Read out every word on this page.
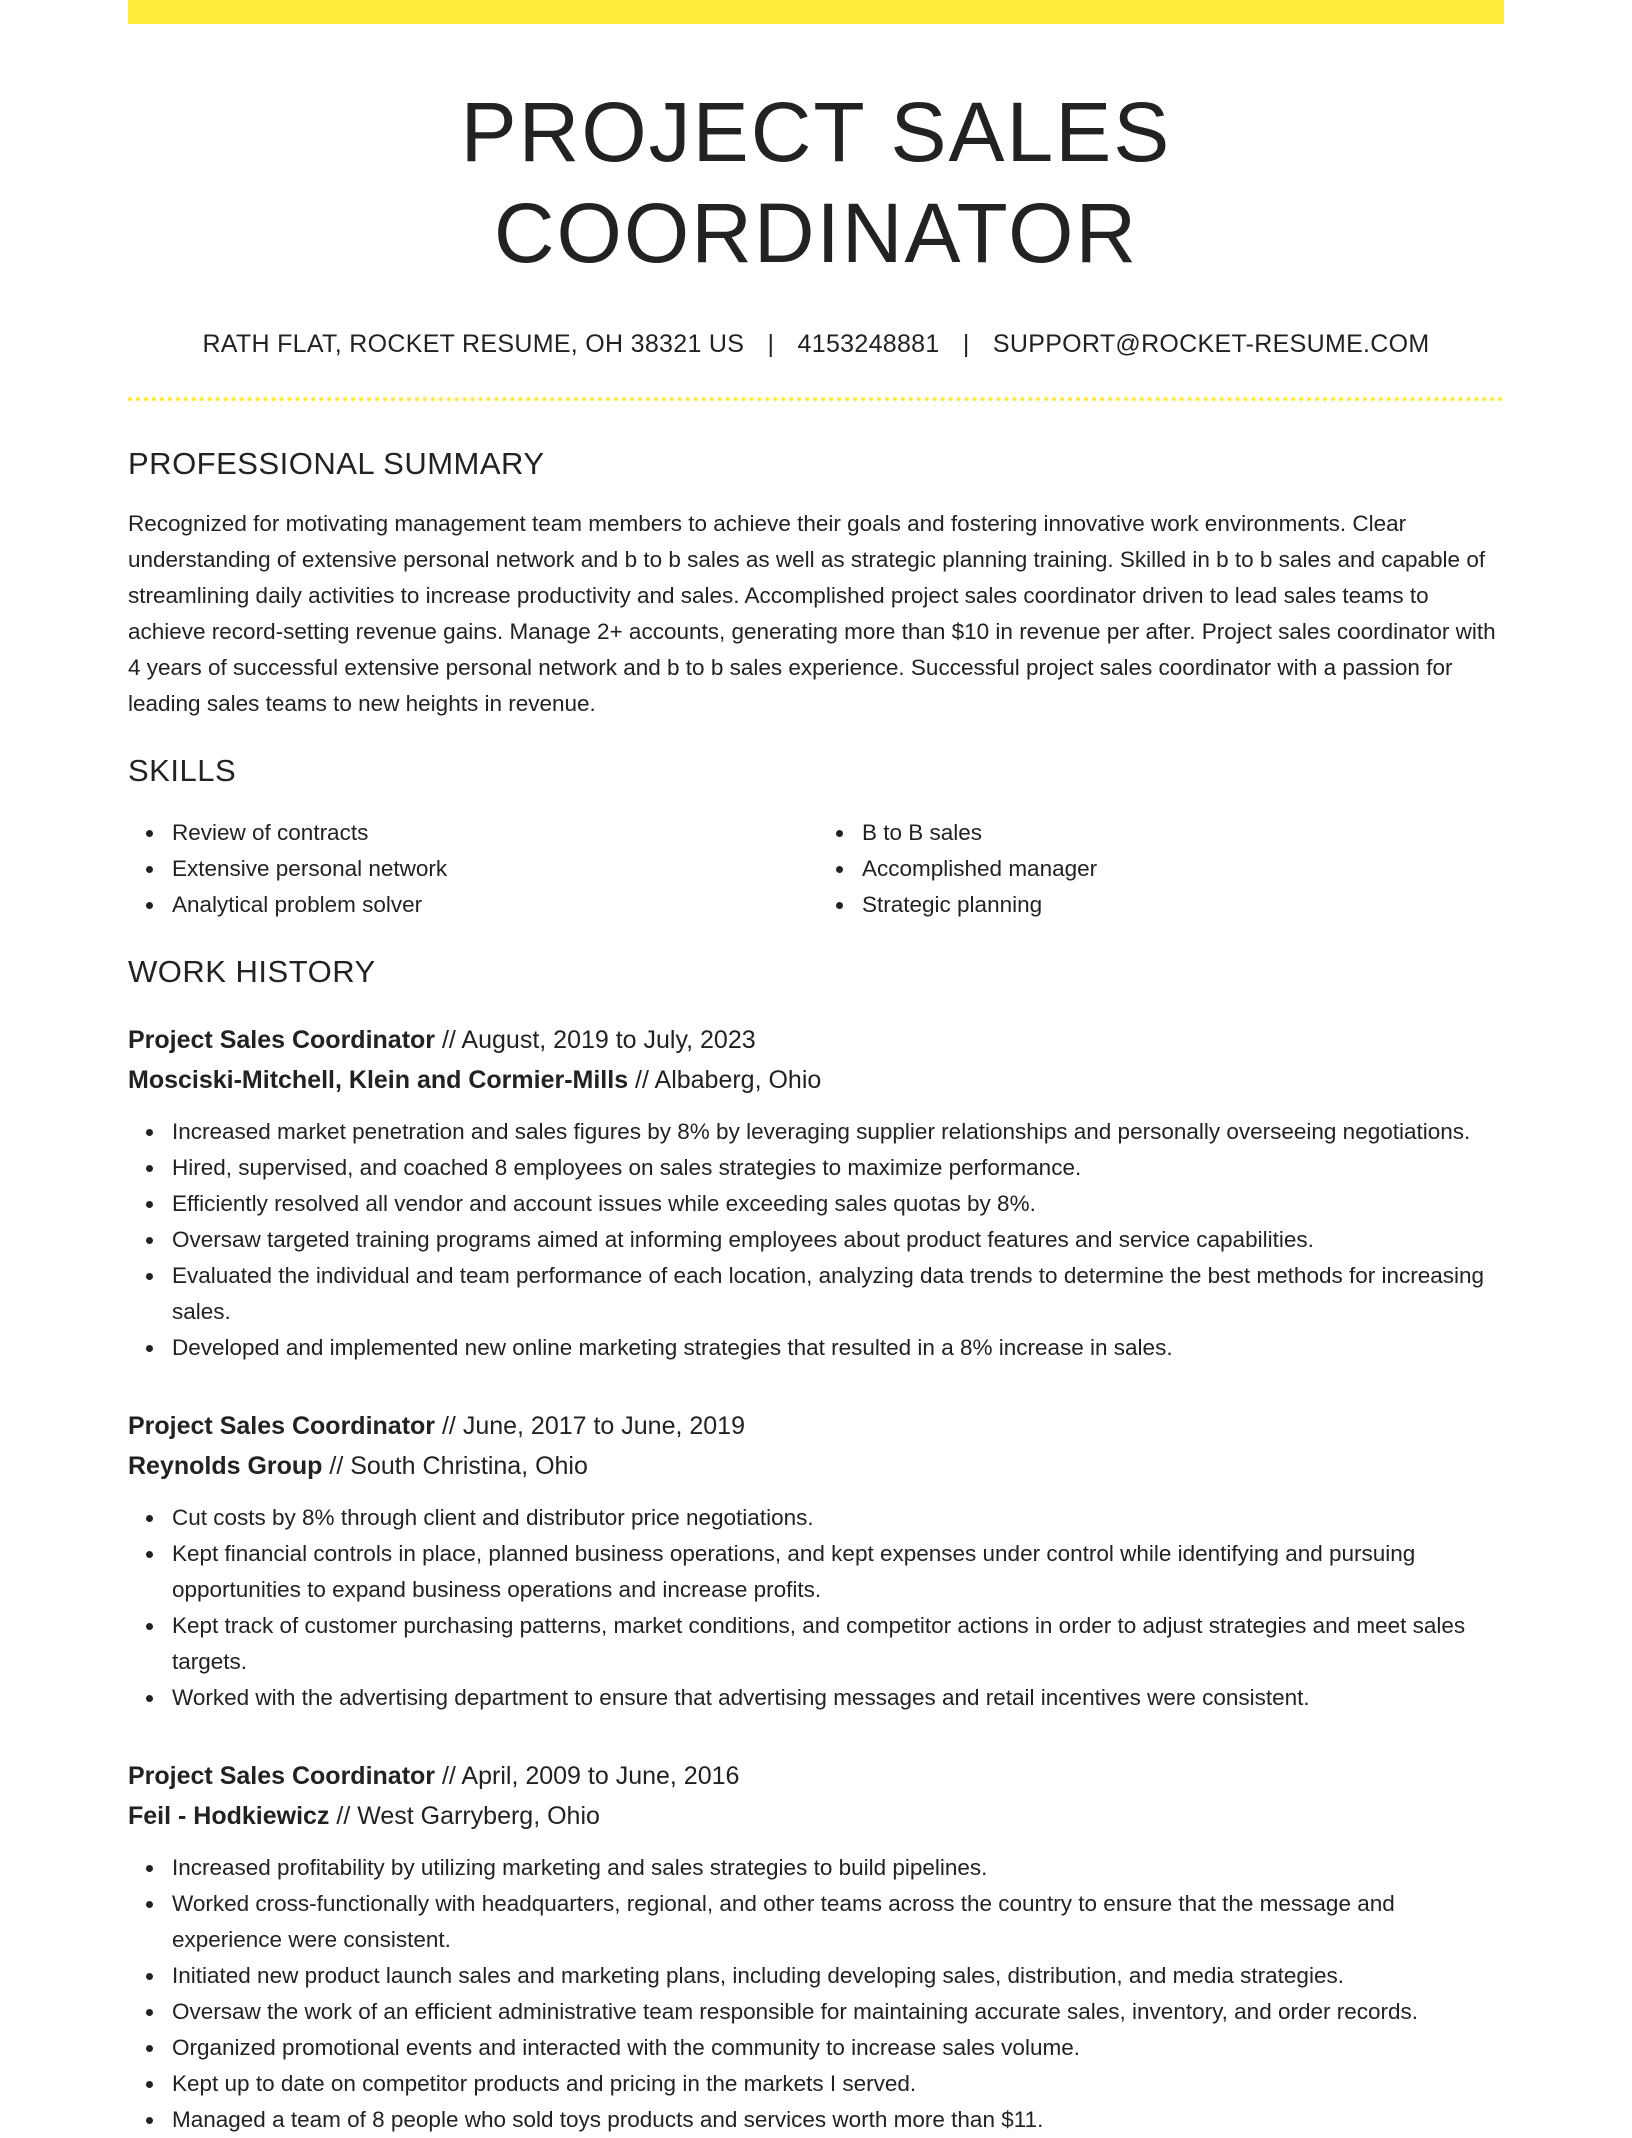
PROJECT SALES COORDINATOR
RATH FLAT, ROCKET RESUME, OH 38321 US | 4153248881 | SUPPORT@ROCKET-RESUME.COM
PROFESSIONAL SUMMARY

Recognized for motivating management team members to achieve their goals and fostering innovative work environments. Clear understanding of extensive personal network and b to b sales as well as strategic planning training. Skilled in b to b sales and capable of streamlining daily activities to increase productivity and sales. Accomplished project sales coordinator driven to lead sales teams to achieve record-setting revenue gains. Manage 2+ accounts, generating more than $10 in revenue per after. Project sales coordinator with 4 years of successful extensive personal network and b to b sales experience. Successful project sales coordinator with a passion for leading sales teams to new heights in revenue.

SKILLS
Review of contracts
Extensive personal network
Analytical problem solver
B to B sales
Accomplished manager
Strategic planning
WORK HISTORY
Project Sales Coordinator // August, 2019 to July, 2023
Mosciski-Mitchell, Klein and Cormier-Mills // Albaberg, Ohio
Increased market penetration and sales figures by 8% by leveraging supplier relationships and personally overseeing negotiations.
Hired, supervised, and coached 8 employees on sales strategies to maximize performance.
Efficiently resolved all vendor and account issues while exceeding sales quotas by 8%.
Oversaw targeted training programs aimed at informing employees about product features and service capabilities.
Evaluated the individual and team performance of each location, analyzing data trends to determine the best methods for increasing sales.
Developed and implemented new online marketing strategies that resulted in a 8% increase in sales.
Project Sales Coordinator // June, 2017 to June, 2019
Reynolds Group // South Christina, Ohio
Cut costs by 8% through client and distributor price negotiations.
Kept financial controls in place, planned business operations, and kept expenses under control while identifying and pursuing opportunities to expand business operations and increase profits.
Kept track of customer purchasing patterns, market conditions, and competitor actions in order to adjust strategies and meet sales targets.
Worked with the advertising department to ensure that advertising messages and retail incentives were consistent.
Project Sales Coordinator // April, 2009 to June, 2016
Feil - Hodkiewicz // West Garryberg, Ohio
Increased profitability by utilizing marketing and sales strategies to build pipelines.
Worked cross-functionally with headquarters, regional, and other teams across the country to ensure that the message and experience were consistent.
Initiated new product launch sales and marketing plans, including developing sales, distribution, and media strategies.
Oversaw the work of an efficient administrative team responsible for maintaining accurate sales, inventory, and order records.
Organized promotional events and interacted with the community to increase sales volume.
Kept up to date on competitor products and pricing in the markets I served.
Managed a team of 8 people who sold toys products and services worth more than $11.
